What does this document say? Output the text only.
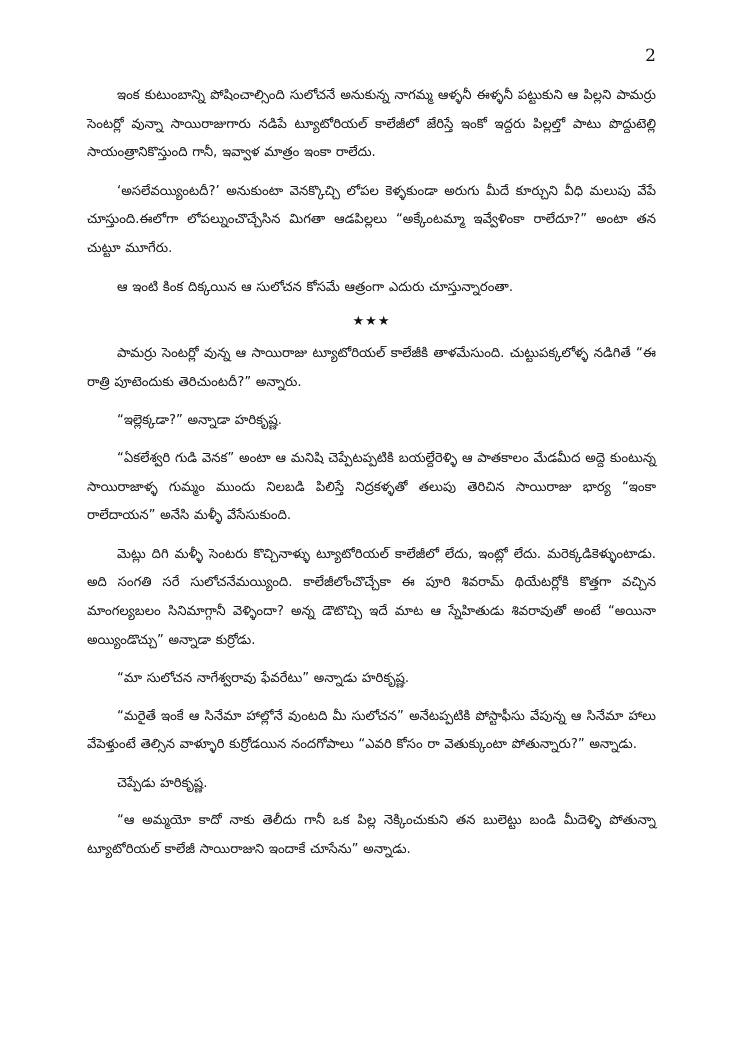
2

ఇంక కుటుంబాన్ని పోషించాల్సింది సులోచనే అనుకున్న నాగమ్మ ఆళ్ళనీ ఈళ్ళనీ పట్టుకుని ఆ పిల్లని పామర్రు సెంటర్లో వున్నా సాయిరాజుగారు నడిపే ట్యూటోరియల్ కాలేజీలో జేరిస్తే ఇంకో ఇద్దరు పిల్లల్తో పాటు పొద్దుటెల్లి సాయంత్రానికొస్తుంది గానీ, ఇవ్వాళ మాత్రం ఇంకా రాలేదు.

‘అసలేవయ్యింటదీ?’ అనుకుంటా వెనక్కొచ్చి లోపల కెళ్ళకుండా అరుగు మీదే కూర్చుని వీధి మలుపు వేపే చూస్తుంది.ఈలోగా లోపల్నుంచొచ్చేసిన మిగతా ఆడపిల్లలు “అక్కేంటమ్మా ఇవ్వేళింకా రాలేదూ?” అంటా తన చుట్టూ మూగేరు.

ఆ ఇంటి కింక దిక్కయిన ఆ సులోచన కోసమే ఆత్రంగా ఎదురు చూస్తున్నారంతా.

★★★

పామర్రు సెంటర్లో వున్న ఆ సాయిరాజు ట్యూటోరియల్ కాలేజీకి తాళమేసుంది. చుట్టుపక్కలోళ్ళ నడిగితే “ఈ రాత్రి పూటెందుకు తెరిచుంటదీ?” అన్నారు.

“ఇల్లెక్కడా?” అన్నాడా హరికృష్ణ.

“ఏకలేశ్వరి గుడి వెనక” అంటా ఆ మనిషి చెప్పేటప్పటికి బయల్దేరెళ్ళి ఆ పాతకాలం మేడమీద అద్దె కుంటున్న సాయిరాజాళ్ళ గుమ్మం ముందు నిలబడి పిలిస్తే నిద్రకళ్ళతో తలుపు తెరిచిన సాయిరాజు భార్య “ఇంకా రాలేదాయన” అనేసి మళ్ళీ వేసేసుకుంది.

మెట్లు దిగి మళ్ళీ సెంటరు కొచ్చినాళ్ళు ట్యూటోరియల్ కాలేజీలో లేదు, ఇంట్లో లేదు. మరెక్కడికెళ్ళుంటాడు. అది సంగతి సరే సులోచనేమయ్యింది. కాలేజీలోంచొచ్చేకా ఈ పూరి శివరామ్ థియేటర్లోకి కొత్తగా వచ్చిన మాంగల్యబలం సినిమాగ్గానీ వెళ్ళిందా? అన్న డౌటొచ్చి ఇదే మాట ఆ స్నేహితుడు శివరావుతో అంటే “అయినా అయ్యిండొచ్చు” అన్నాడా కుర్రోడు.

“మా సులోచన నాగేశ్వరావు ఫేవరేటు” అన్నాడు హరికృష్ణ.

“మరైతే ఇంకే ఆ సినేమా హాల్లోనే వుంటది మీ సులోచన” అనేటప్పటికి పోస్టాఫీసు వేపున్న ఆ సినేమా హాలు వేపెళ్తుంటే తెల్సిన వాళ్ళూరి కుర్రోడయిన నందగోపాలు “ఎవరి కోసం రా వెతుక్కుంటా పోతున్నారు?” అన్నాడు.

చెప్పేడు హరికృష్ణ.

“ఆ అమ్మయో కాదో నాకు తెలీదు గానీ ఒక పిల్ల నెక్కించుకుని తన బులెట్టు బండి మీదెళ్ళి పోతున్నా ట్యూటోరియల్ కాలేజీ సాయిరాజుని ఇందాకే చూసేను” అన్నాడు.
